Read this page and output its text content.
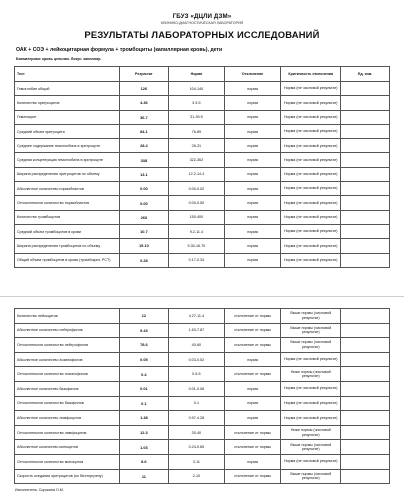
ГБУЗ «ДЦЛИ ДЗМ»
КЛИНИКО-ДИАГНОСТИЧЕСКАЯ ЛАБОРАТОРИЯ
РЕЗУЛЬТАТЫ ЛАБОРАТОРНЫХ ИССЛЕДОВАНИЙ
ОАК + СОЭ + лейкоцитарная формула + тромбоциты (капиллярная кровь), дети
Биоматериал: кровь цельная. Локус: капилляр.
Тест	Результат	Норма	Отклонение	Критичность отклонения	Ед. изм.
Гемоглобин общий	126	104-140	норма	Норма (не числовой результат)	
Количество эритроцитов	4.36	3.9-5	норма	Норма (не числовой результат)	
Гематокрит	36.7	31-39.5	норма	Норма (не числовой результат)	
Средний объем эритроцита	84.1	76-89	норма	Норма (не числовой результат)	
Среднее содержание гемоглобина в эритроците	28.4	26-31	норма	Норма (не числовой результат)	
Средняя концентрация гемоглобина в эритроците	338	322-362	норма	Норма (не числовой результат)	
Ширина распределения эритроцитов по объему	13.1	12.2-14.4	норма	Норма (не числовой результат)	
Абсолютное количество нормобластов	0.00	0.00-0.02	норма	Норма (не числовой результат)	
Относительное количество нормобластов	0.00	0.00-0.50	норма	Норма (не числовой результат)	
Количество тромбоцитов	260	150-400	норма	Норма (не числовой результат)	
Средний объем тромбоцитов в крови	10.7	9.2-11.4	норма	Норма (не числовой результат)	
Ширина распределения тромбоцитов по объему	15.10	9.30-16.70	норма	Норма (не числовой результат)	
Общий объем тромбоцитов в крови (тромбокрит, PCT)	0.28	0.17-0.34	норма	Норма (не числовой результат)	
Количество лейкоцитов	12	4.27-11.4	отклонение от нормы	Выше нормы (числовой результат)	
Абсолютное количество нейтрофилов	9.43	1.63-7.87	отклонение от нормы	Выше нормы (числовой результат)	
Относительное количество нейтрофилов	78.6	40-60	отклонение от нормы	Выше нормы (числовой результат)	
Абсолютное количество эозинофилов	0.05	0.03-0.52	норма	Норма (не числовой результат)	
Относительное количество эозинофилов	0.4	0.5-5	отклонение от нормы	Ниже нормы (числовой результат)	
Абсолютное количество базофилов	0.01	0.01-0.06	норма	Норма (не числовой результат)	
Относительное количество базофилов	0.1	0-1	норма	Норма (не числовой результат)	
Абсолютное количество лимфоцитов	1.48	0.97-4.28	норма	Норма (не числовой результат)	
Относительное количество лимфоцитов	12.3	30-40	отклонение от нормы	Ниже нормы (числовой результат)	
Абсолютное количество моноцитов	1.03	0.24-0.85	отклонение от нормы	Выше нормы (числовой результат)	
Относительное количество моноцитов	8.6	3-11	норма	Норма (не числовой результат)	
Скорость оседания эритроцитов (по Вестергрену)	11	2-10	отклонение от нормы	Выше нормы (числовой результат)	
Исполнитель: Сорокина О.М.
